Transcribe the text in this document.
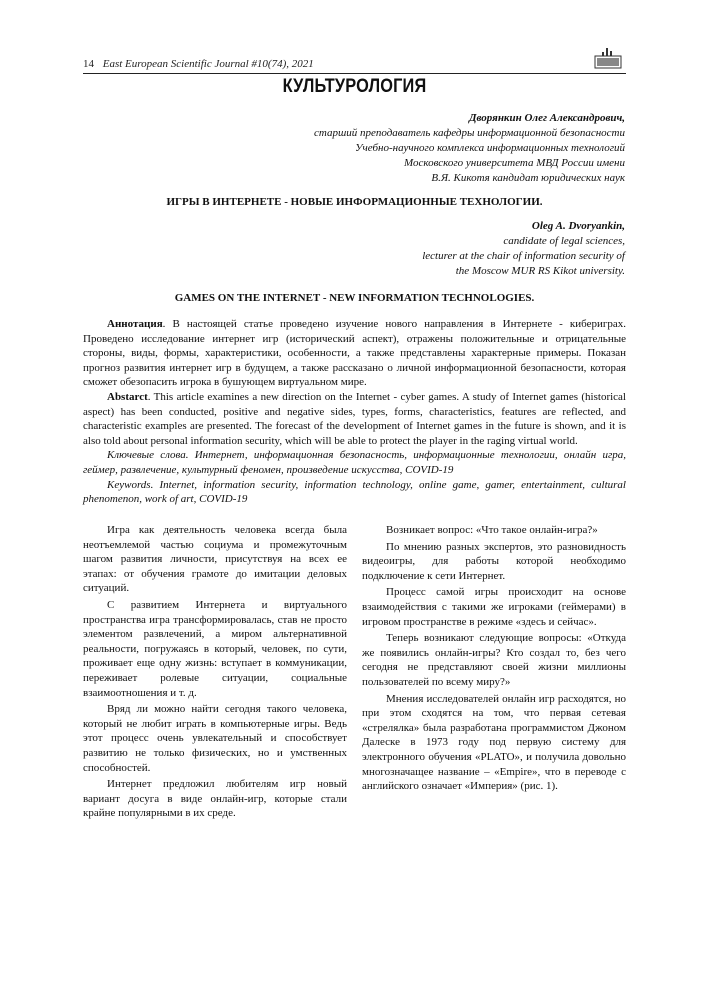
14 East European Scientific Journal #10(74), 2021
КУЛЬТУРОЛОГИЯ
Дворянкин Олег Александрович,
старший преподаватель кафедры информационной безопасности
Учебно-научного комплекса информационных технологий
Московского университета МВД России имени
В.Я. Кикотя кандидат юридических наук
ИГРЫ В ИНТЕРНЕТЕ - НОВЫЕ ИНФОРМАЦИОННЫЕ ТЕХНОЛОГИИ.
Oleg A. Dvoryankin,
candidate of legal sciences,
lecturer at the chair of information security of
the Moscow MUR RS Kikot university.
GAMES ON THE INTERNET - NEW INFORMATION TECHNOLOGIES.

Аннотация. В настоящей статье проведено изучение нового направления в Интернете - кибериграх. Проведено исследование интернет игр (исторический аспект), отражены положительные и отрицательные стороны, виды, формы, характеристики, особенности, а также представлены характерные примеры. Показан прогноз развития интернет игр в будущем, а также рассказано о личной информационной безопасности, которая сможет обезопасить игрока в бушующем виртуальном мире.

Abstarct. This article examines a new direction on the Internet - cyber games. A study of Internet games (historical aspect) has been conducted, positive and negative sides, types, forms, characteristics, features are reflected, and characteristic examples are presented. The forecast of the development of Internet games in the future is shown, and it is also told about personal information security, which will be able to protect the player in the raging virtual world.

Ключевые слова. Интернет, информационная безопасность, информационные технологии, онлайн игра, геймер, развлечение, культурный феномен, произведение искусства, COVID-19

Keywords. Internet, information security, information technology, online game, gamer, entertainment, cultural phenomenon, work of art, COVID-19

Игра как деятельность человека всегда была неотъемлемой частью социума и промежуточным шагом развития личности, присутствуя на всех ее этапах: от обучения грамоте до имитации деловых ситуаций.

С развитием Интернета и виртуального пространства игра трансформировалась, став не просто элементом развлечений, а миром альтернативной реальности, погружаясь в который, человек, по сути, проживает еще одну жизнь: вступает в коммуникации, переживает ролевые ситуации, социальные взаимоотношения и т. д.

Вряд ли можно найти сегодня такого человека, который не любит играть в компьютерные игры. Ведь этот процесс очень увлекательный и способствует развитию не только физических, но и умственных способностей.

Интернет предложил любителям игр новый вариант досуга в виде онлайн-игр, которые стали крайне популярными в их среде.

Возникает вопрос: «Что такое онлайн-игра?»

По мнению разных экспертов, это разновидность видеоигры, для работы которой необходимо подключение к сети Интернет.

Процесс самой игры происходит на основе взаимодействия с такими же игроками (геймерами) в игровом пространстве в режиме «здесь и сейчас».

Теперь возникают следующие вопросы: «Откуда же появились онлайн-игры? Кто создал то, без чего сегодня не представляют своей жизни миллионы пользователей по всему миру?»

Мнения исследователей онлайн игр расходятся, но при этом сходятся на том, что первая сетевая «стрелялка» была разработана программистом Джоном Далеске в 1973 году под первую систему для электронного обучения «PLATO», и получила довольно многозначащее название – «Empire», что в переводе с английского означает «Империя» (рис. 1).
